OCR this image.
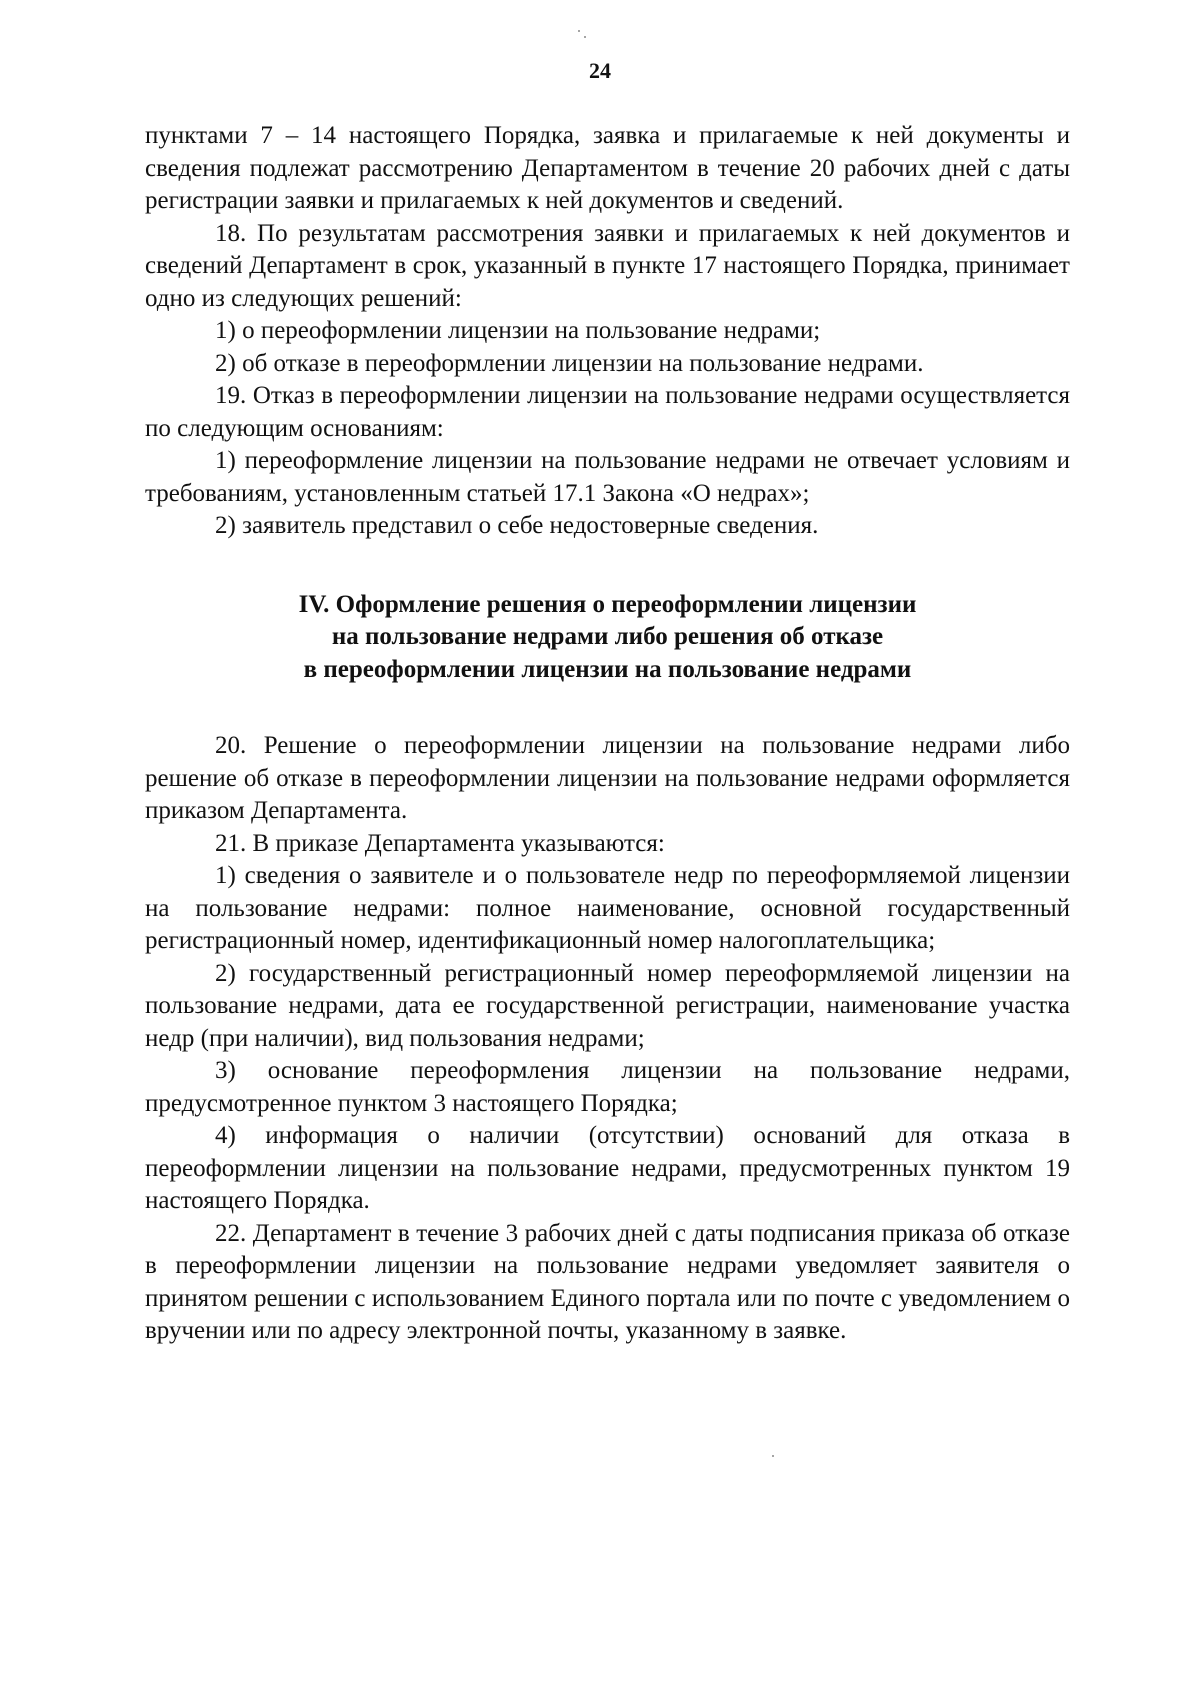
24

пунктами 7 – 14 настоящего Порядка, заявка и прилагаемые к ней документы и сведения подлежат рассмотрению Департаментом в течение 20 рабочих дней с даты регистрации заявки и прилагаемых к ней документов и сведений.

18. По результатам рассмотрения заявки и прилагаемых к ней документов и сведений Департамент в срок, указанный в пункте 17 настоящего Порядка, принимает одно из следующих решений:

1) о переоформлении лицензии на пользование недрами;

2) об отказе в переоформлении лицензии на пользование недрами.

19. Отказ в переоформлении лицензии на пользование недрами осуществляется по следующим основаниям:

1) переоформление лицензии на пользование недрами не отвечает условиям и требованиям, установленным статьей 17.1 Закона «О недрах»;

2) заявитель представил о себе недостоверные сведения.

IV. Оформление решения о переоформлении лицензии
на пользование недрами либо решения об отказе
в переоформлении лицензии на пользование недрами

20. Решение о переоформлении лицензии на пользование недрами либо решение об отказе в переоформлении лицензии на пользование недрами оформляется приказом Департамента.

21. В приказе Департамента указываются:

1) сведения о заявителе и о пользователе недр по переоформляемой лицензии на пользование недрами: полное наименование, основной государственный регистрационный номер, идентификационный номер налогоплательщика;

2) государственный регистрационный номер переоформляемой лицензии на пользование недрами, дата ее государственной регистрации, наименование участка недр (при наличии), вид пользования недрами;

3) основание переоформления лицензии на пользование недрами, предусмотренное пунктом 3 настоящего Порядка;

4) информация о наличии (отсутствии) оснований для отказа в переоформлении лицензии на пользование недрами, предусмотренных пунктом 19 настоящего Порядка.

22. Департамент в течение 3 рабочих дней с даты подписания приказа об отказе в переоформлении лицензии на пользование недрами уведомляет заявителя о принятом решении с использованием Единого портала или по почте с уведомлением о вручении или по адресу электронной почты, указанному в заявке.
